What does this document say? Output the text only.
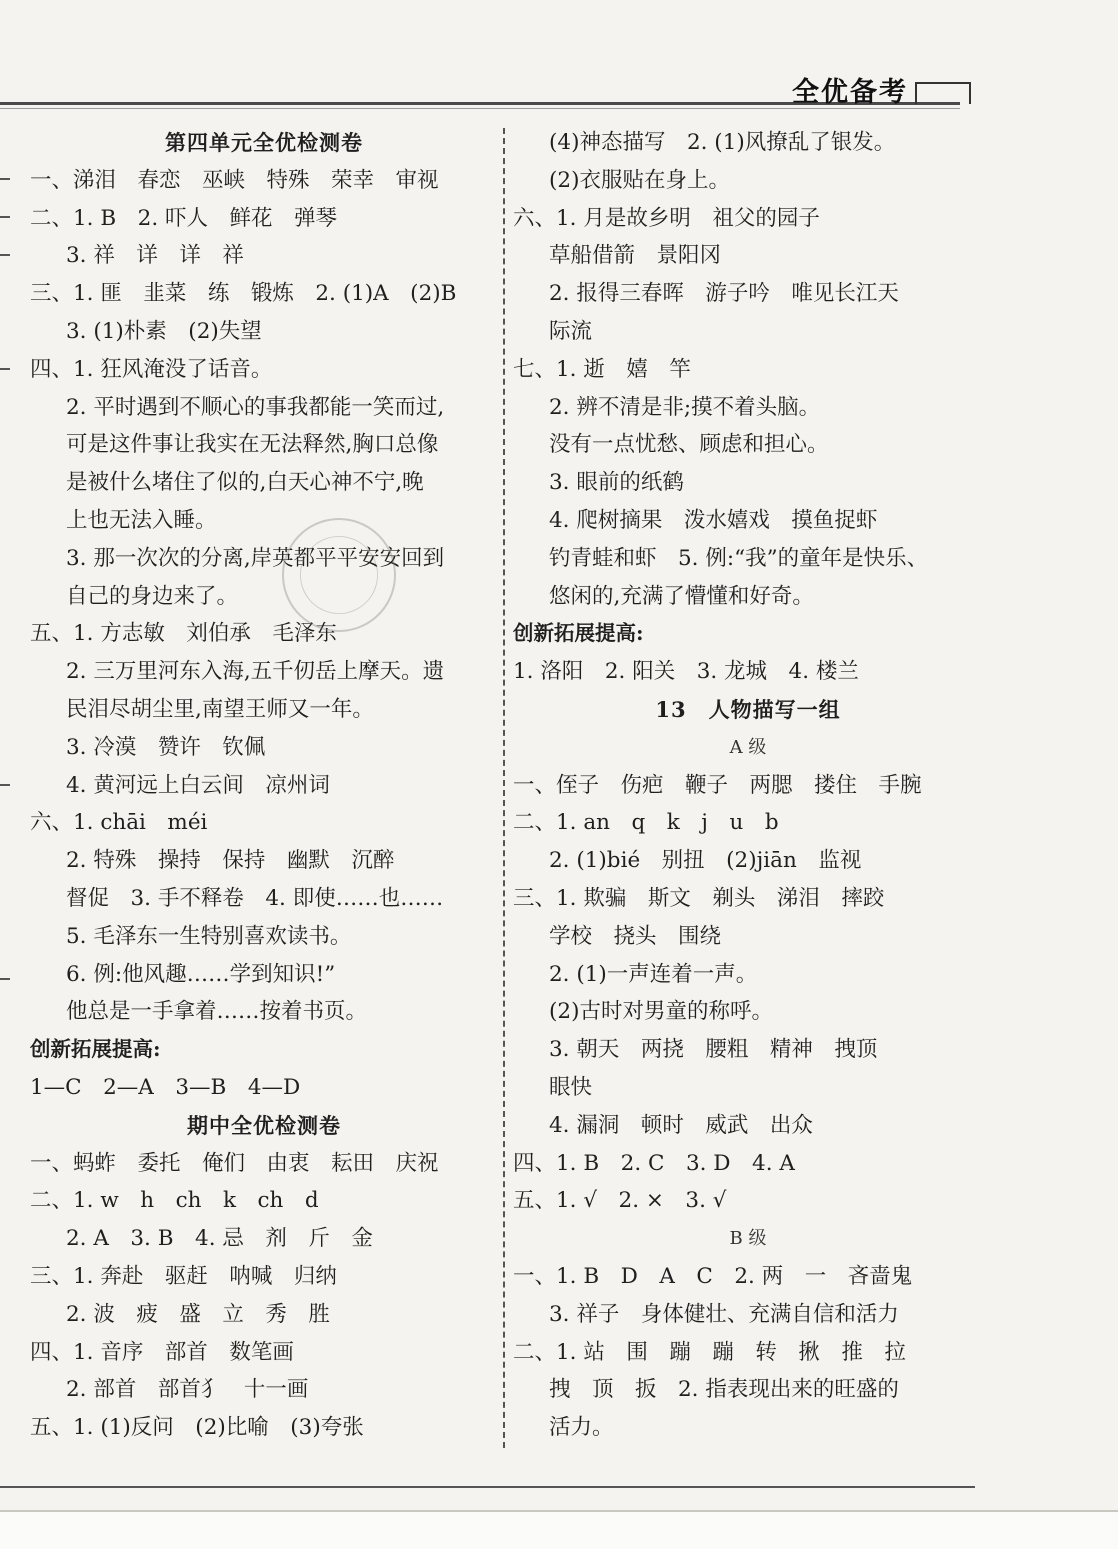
全优备考
第四单元全优检测卷
一、涕泪　春恋　巫峡　特殊　荣幸　审视
二、1. B　2. 吓人　鲜花　弹琴
3. 祥　详　详　祥
三、1. 匪　韭菜　练　锻炼　2. (1)A　(2)B
3. (1)朴素　(2)失望
四、1. 狂风淹没了话音。
2. 平时遇到不顺心的事我都能一笑而过,
可是这件事让我实在无法释然,胸口总像
是被什么堵住了似的,白天心神不宁,晚
上也无法入睡。
3. 那一次次的分离,岸英都平平安安回到
自己的身边来了。
五、1. 方志敏　刘伯承　毛泽东
2. 三万里河东入海,五千仞岳上摩天。遗
民泪尽胡尘里,南望王师又一年。
3. 冷漠　赞许　钦佩
4. 黄河远上白云间　凉州词
六、1. chāi　méi
2. 特殊　操持　保持　幽默　沉醉
督促　3. 手不释卷　4. 即使……也……
5. 毛泽东一生特别喜欢读书。
6. 例:他风趣……学到知识!”
他总是一手拿着……按着书页。
创新拓展提高:
1—C　2—A　3—B　4—D
期中全优检测卷
一、蚂蚱　委托　俺们　由衷　耘田　庆祝
二、1. w　h　ch　k　ch　d
2. A　3. B　4. 忌　剂　斤　金
三、1. 奔赴　驱赶　呐喊　归纳
2. 波　疲　盛　立　秀　胜
四、1. 音序　部首　数笔画
2. 部首　部首犭　十一画
五、1. (1)反问　(2)比喻　(3)夸张
(4)神态描写　2. (1)风撩乱了银发。
(2)衣服贴在身上。
六、1. 月是故乡明　祖父的园子
草船借箭　景阳冈
2. 报得三春晖　游子吟　唯见长江天
际流
七、1. 逝　嬉　竿
2. 辨不清是非;摸不着头脑。
没有一点忧愁、顾虑和担心。
3. 眼前的纸鹤
4. 爬树摘果　泼水嬉戏　摸鱼捉虾
钓青蛙和虾　5. 例:“我”的童年是快乐、
悠闲的,充满了懵懂和好奇。
创新拓展提高:
1. 洛阳　2. 阳关　3. 龙城　4. 楼兰
13　人物描写一组
A 级
一、侄子　伤疤　鞭子　两腮　搂住　手腕
二、1. an　q　k　j　u　b
2. (1)bié　别扭　(2)jiān　监视
三、1. 欺骗　斯文　剃头　涕泪　摔跤
学校　挠头　围绕
2. (1)一声连着一声。
(2)古时对男童的称呼。
3. 朝天　两挠　腰粗　精神　拽顶
眼快
4. 漏洞　顿时　威武　出众
四、1. B　2. C　3. D　4. A
五、1. √　2. ×　3. √
B 级
一、1. B　D　A　C　2. 两　一　吝啬鬼
3. 祥子　身体健壮、充满自信和活力
二、1. 站　围　蹦　蹦　转　揪　推　拉
拽　顶　扳　2. 指表现出来的旺盛的
活力。
